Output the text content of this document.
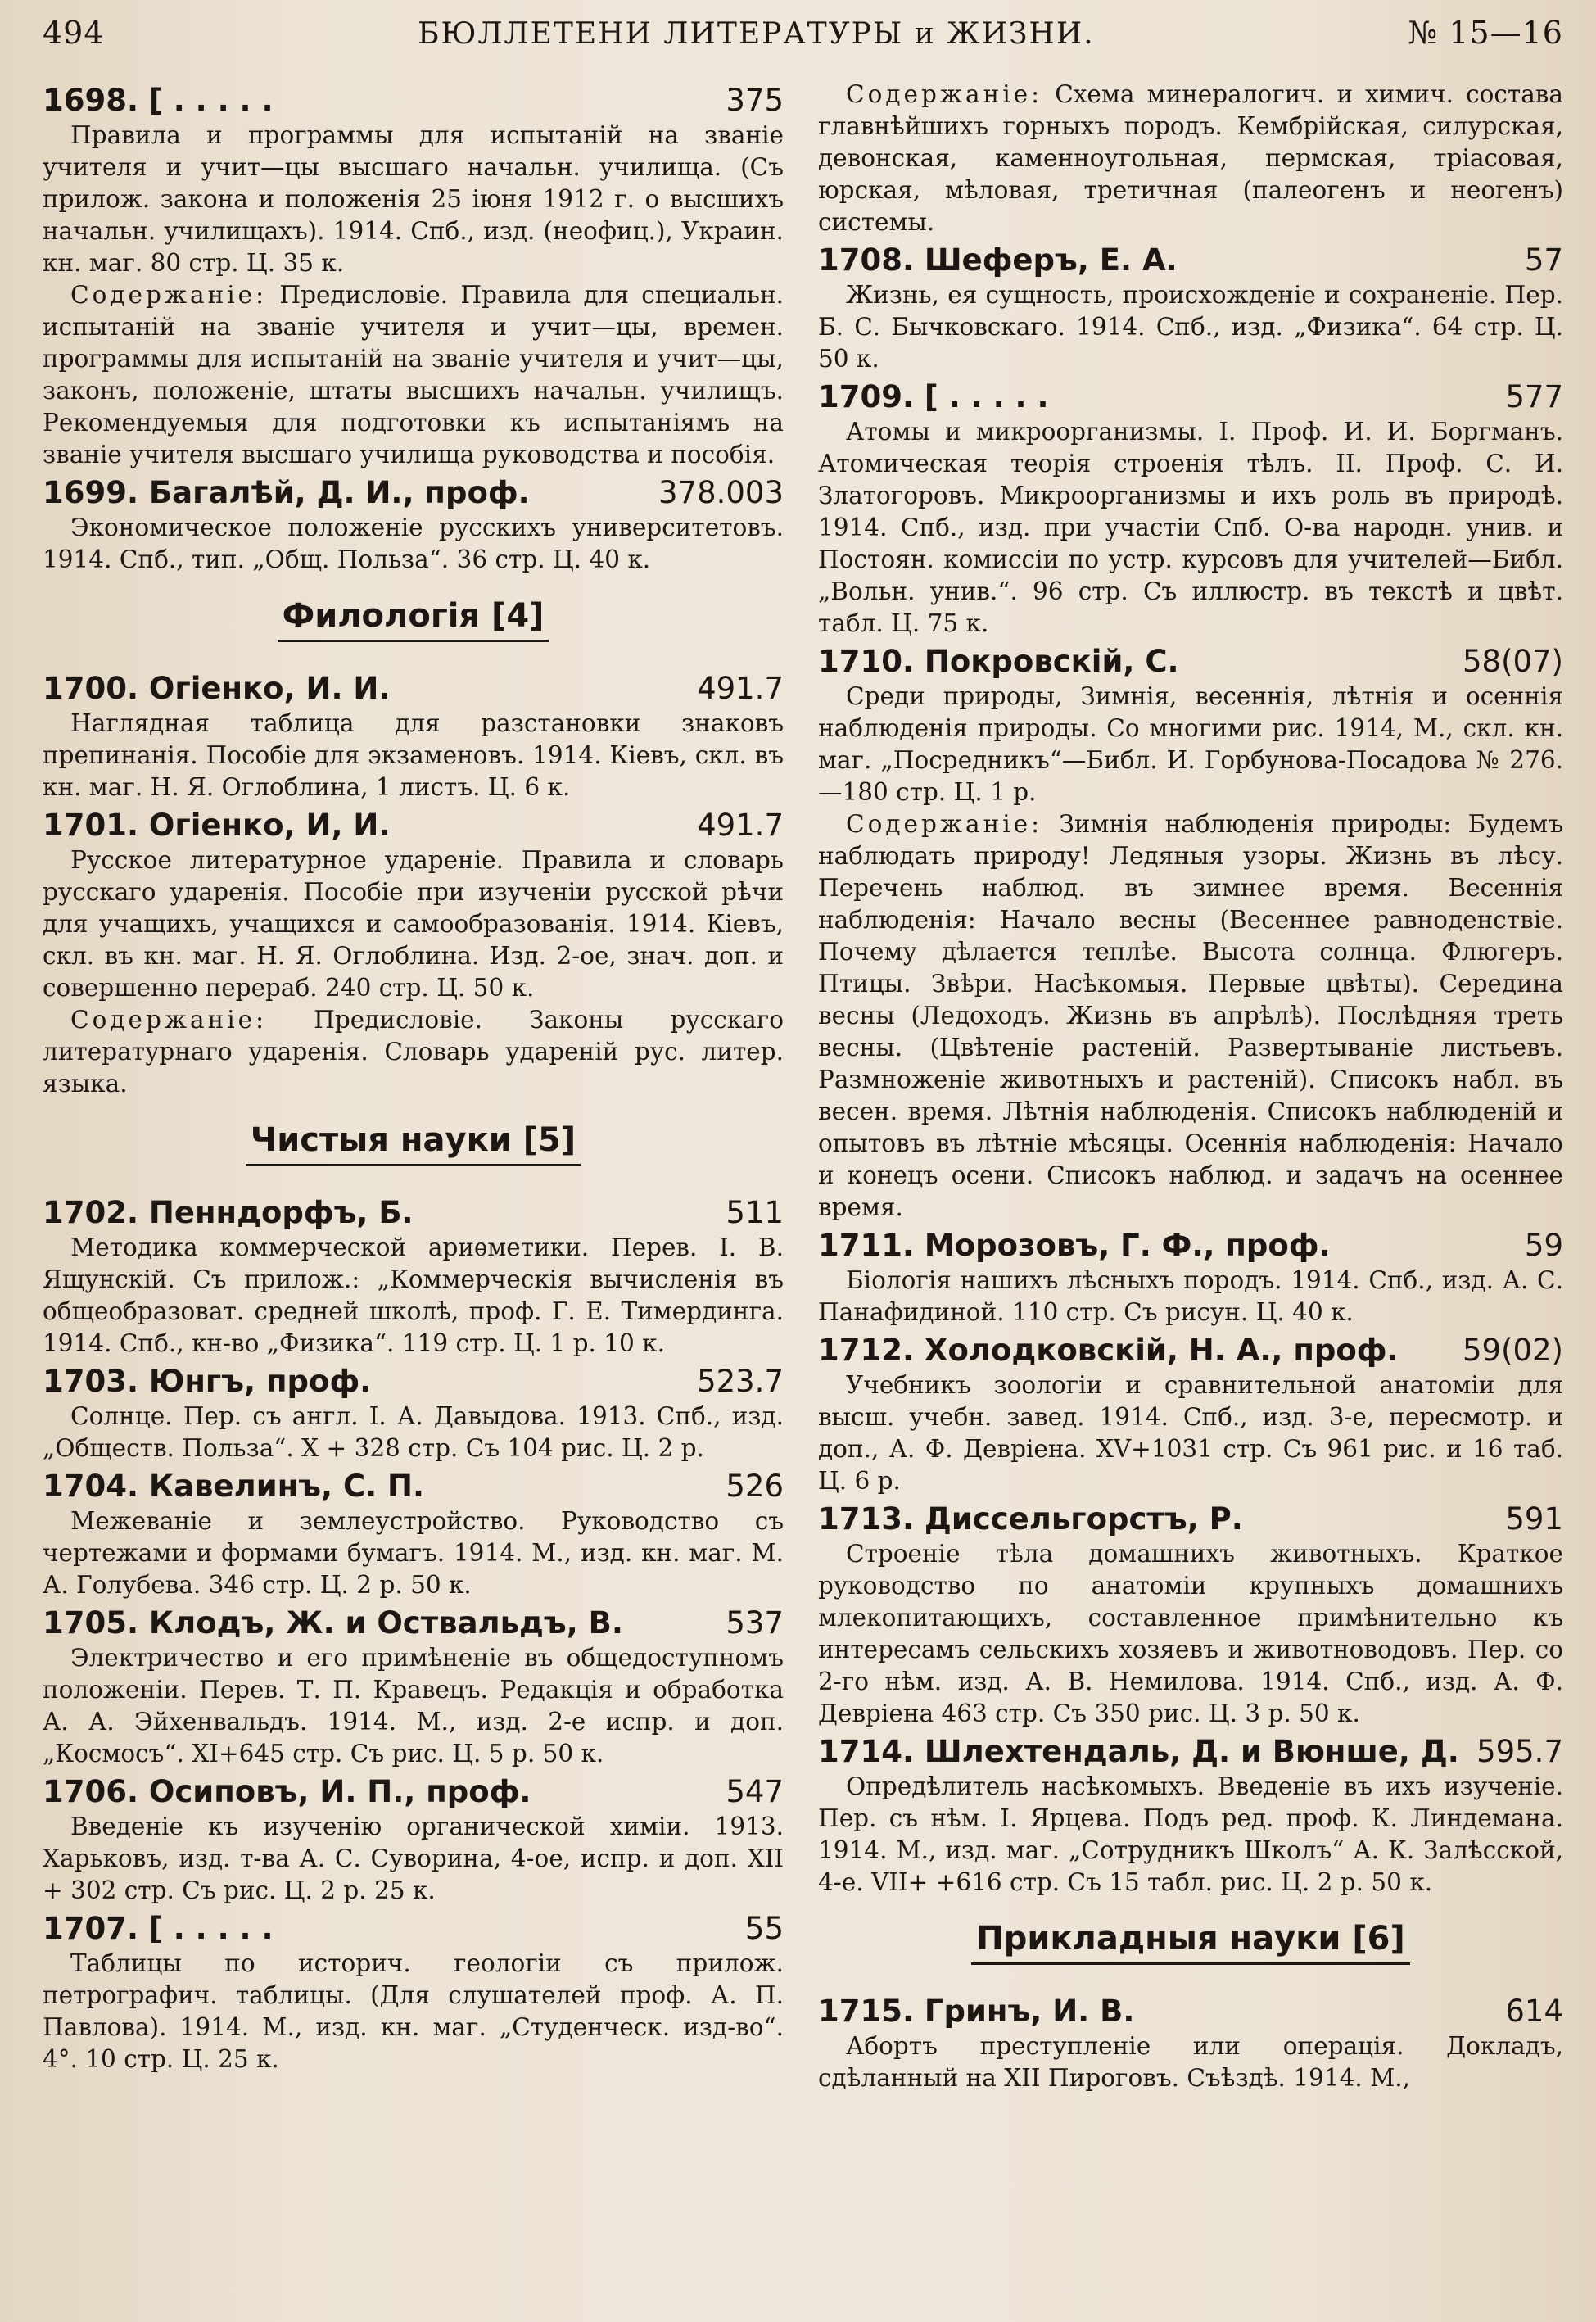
494	БЮЛЛЕТЕНИ ЛИТЕРАТУРЫ и ЖИЗНИ.	№ 15—16
1698. [ . . . . .	375
Правила и программы для испытаній на званіе учителя и учит—цы высшаго начальн. училища. (Съ прилож. закона и положенія 25 іюня 1912 г. о высшихъ начальн. училищахъ). 1914. Спб., изд. (неофиц.), Украин. кн. маг. 80 стр. Ц. 35 к.
Содержаніе: Предисловіе. Правила для специальн. испытаній на званіе учителя и учит—цы, времен. программы для испытаній на званіе учителя и учит—цы, законъ, положеніе, штаты высшихъ начальн. училищъ. Рекомендуемыя для подготовки къ испытаніямъ на званіе учителя высшаго училища руководства и пособія.
1699. Багалѣй, Д. И., проф.	378.003
Экономическое положеніе русскихъ университетовъ. 1914. Спб., тип. „Общ. Польза“. 36 стр. Ц. 40 к.
Филологія [4]
1700. Огіенко, И. И.	491.7
Наглядная таблица для разстановки знаковъ препинанія. Пособіе для экзаменовъ. 1914. Кіевъ, скл. въ кн. маг. Н. Я. Оглоблина, 1 листъ. Ц. 6 к.
1701. Огіенко, И, И.	491.7
Русское литературное удареніе. Правила и словарь русскаго ударенія. Пособіе при изученіи русской рѣчи для учащихъ, учащихся и самообразованія. 1914. Кіевъ, скл. въ кн. маг. Н. Я. Оглоблина. Изд. 2-ое, знач. доп. и совершенно перераб. 240 стр. Ц. 50 к.
Содержаніе: Предисловіе. Законы русскаго литературнаго ударенія. Словарь удареній рус. литер. языка.
Чистыя науки [5]
1702. Пенндорфъ, Б.	511
Методика коммерческой ариѳметики. Перев. І. В. Ящунскій. Съ прилож.: „Коммерческія вычисленія въ общеобразоват. средней школѣ, проф. Г. Е. Тимердинга. 1914. Спб., кн-во „Физика“. 119 стр. Ц. 1 р. 10 к.
1703. Юнгъ, проф.	523.7
Солнце. Пер. съ англ. І. А. Давыдова. 1913. Спб., изд. „Обществ. Польза“. X + 328 стр. Съ 104 рис. Ц. 2 р.
1704. Кавелинъ, С. П.	526
Межеваніе и землеустройство. Руководство съ чертежами и формами бумагъ. 1914. М., изд. кн. маг. М. А. Голубева. 346 стр. Ц. 2 р. 50 к.
1705. Клодъ, Ж. и Оствальдъ, В.	537
Электричество и его примѣненіе въ общедоступномъ положеніи. Перев. Т. П. Кравецъ. Редакція и обработка А. А. Эйхенвальдъ. 1914. М., изд. 2-е испр. и доп. „Космосъ“. XI+645 стр. Съ рис. Ц. 5 р. 50 к.
1706. Осиповъ, И. П., проф.	547
Введеніе къ изученію органической химіи. 1913. Харьковъ, изд. т-ва А. С. Суворина, 4-ое, испр. и доп. XII + 302 стр. Съ рис. Ц. 2 р. 25 к.
1707. [ . . . . .	55
Таблицы по историч. геологіи съ прилож. петрографич. таблицы. (Для слушателей проф. А. П. Павлова). 1914. М., изд. кн. маг. „Студенческ. изд-во“. 4°. 10 стр. Ц. 25 к.
Содержаніе: Схема минералогич. и химич. состава главнѣйшихъ горныхъ породъ. Кембрійская, силурская, девонская, каменноугольная, пермская, тріасовая, юрская, мѣловая, третичная (палеогенъ и неогенъ) системы.
1708. Шеферъ, Е. А.	57
Жизнь, ея сущность, происхожденіе и сохраненіе. Пер. Б. С. Бычковскаго. 1914. Спб., изд. „Физика“. 64 стр. Ц. 50 к.
1709. [ . . . . .	577
Атомы и микроорганизмы. І. Проф. И. И. Боргманъ. Атомическая теорія строенія тѣлъ. II. Проф. С. И. Златогоровъ. Микроорганизмы и ихъ роль въ природѣ. 1914. Спб., изд. при участіи Спб. О-ва народн. унив. и Постоян. комиссіи по устр. курсовъ для учителей—Библ. „Вольн. унив.“. 96 стр. Съ иллюстр. въ текстѣ и цвѣт. табл. Ц. 75 к.
1710. Покровскій, С.	58(07)
Среди природы, Зимнія, весеннія, лѣтнія и осеннія наблюденія природы. Со многими рис. 1914, М., скл. кн. маг. „Посредникъ“—Библ. И. Горбунова-Посадова № 276.—180 стр. Ц. 1 р.
Содержаніе: Зимнія наблюденія природы: Будемъ наблюдать природу! Ледяныя узоры. Жизнь въ лѣсу. Перечень наблюд. въ зимнее время. Весеннія наблюденія: Начало весны (Весеннее равноденствіе. Почему дѣлается теплѣе. Высота солнца. Флюгеръ. Птицы. Звѣри. Насѣкомыя. Первые цвѣты). Середина весны (Ледоходъ. Жизнь въ апрѣлѣ). Послѣдняя треть весны. (Цвѣтеніе растеній. Развертываніе листьевъ. Размноженіе животныхъ и растеній). Списокъ набл. въ весен. время. Лѣтнія наблюденія. Списокъ наблюденій и опытовъ въ лѣтніе мѣсяцы. Осеннія наблюденія: Начало и конецъ осени. Списокъ наблюд. и задачъ на осеннее время.
1711. Морозовъ, Г. Ф., проф.	59
Біологія нашихъ лѣсныхъ породъ. 1914. Спб., изд. А. С. Панафидиной. 110 стр. Съ рисун. Ц. 40 к.
1712. Холодковскій, Н. А., проф. 59(02)
Учебникъ зоологіи и сравнительной анатоміи для высш. учебн. завед. 1914. Спб., изд. 3-е, пересмотр. и доп., А. Ф. Девріена. XV+1031 стр. Съ 961 рис. и 16 таб. Ц. 6 р.
1713. Диссельгорстъ, Р.	591
Строеніе тѣла домашнихъ животныхъ. Краткое руководство по анатоміи крупныхъ домашнихъ млекопитающихъ, составленное примѣнительно къ интересамъ сельскихъ хозяевъ и животноводовъ. Пер. со 2-го нѣм. изд. А. В. Немилова. 1914. Спб., изд. А. Ф. Девріена 463 стр. Съ 350 рис. Ц. 3 р. 50 к.
1714. Шлехтендаль, Д. и Вюнше, Д. 595.7
Опредѣлитель насѣкомыхъ. Введеніе въ ихъ изученіе. Пер. съ нѣм. І. Ярцева. Подъ ред. проф. К. Линдемана. 1914. М., изд. маг. „Сотрудникъ Школъ“ А. К. Залѣсской, 4-е. VII+ +616 стр. Съ 15 табл. рис. Ц. 2 р. 50 к.
Прикладныя науки [6]
1715. Гринъ, И. В.	614
Абортъ преступленіе или операція. Докладъ, сдѣланный на XII Пироговъ. Съѣздѣ. 1914. М.,
